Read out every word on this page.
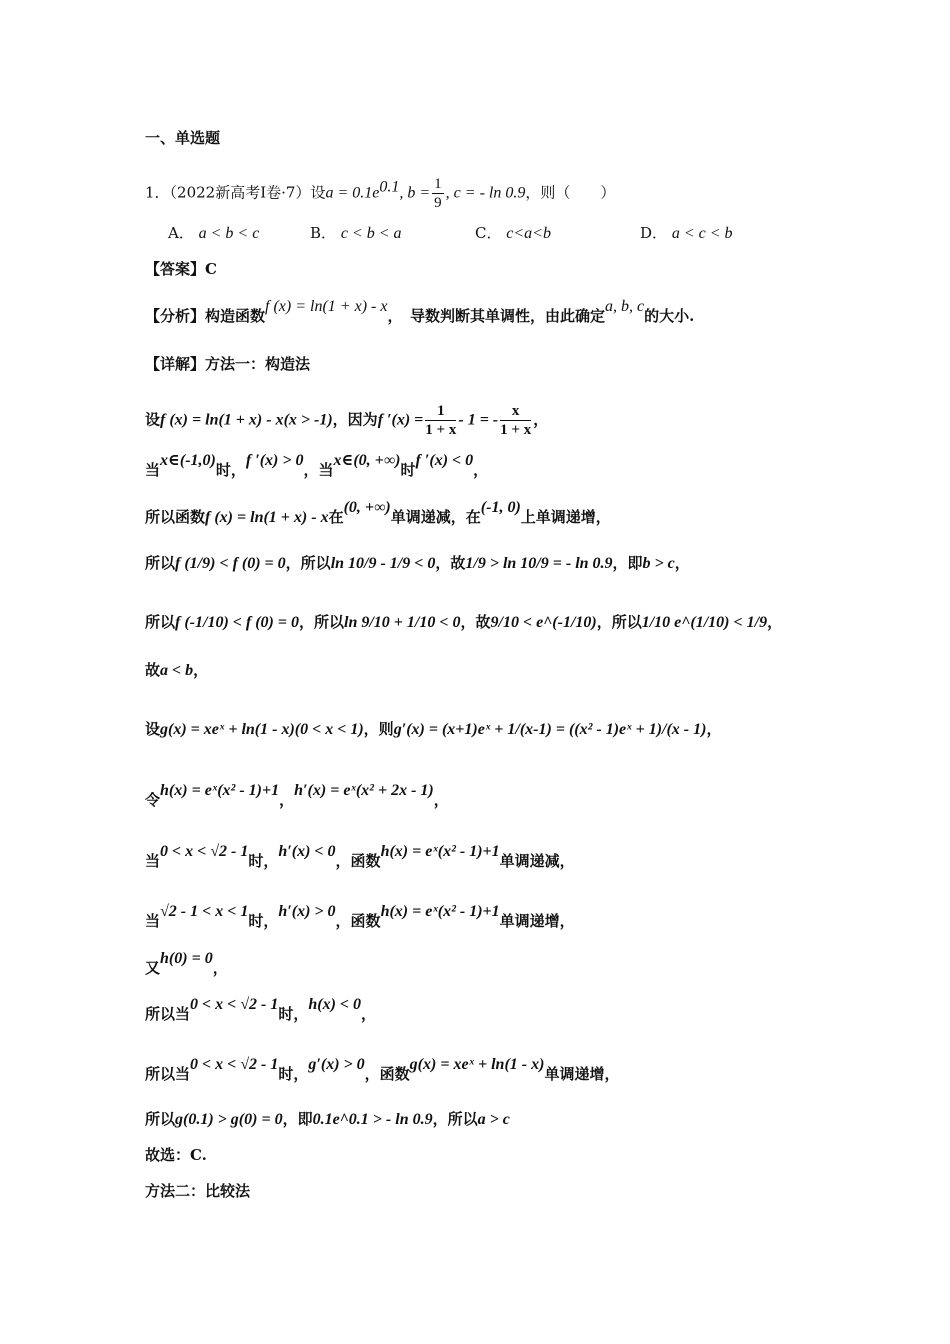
一、单选题
1．（2022新高考Ⅰ卷·7）设$a = 0.1e^{0.1}$, $b = \frac{1}{9}$ , c = - ln 0.9，则（　　）
A． a < b < c	B． c < b < a	C． c<a<b	D． a < c < b
【答案】C
【分析】构造函数f (x) = ln(1 + x) - x，　导数判断其单调性，由此确定a, b, c的大小.
【详解】方法一：构造法
设f (x) = ln(1 + x) - x(x > -1)，因为f $'(x) = \frac{1}{1 + x} - 1$ = - $\frac{x}{1 + x}$ ，
当x∈(-1,0)时，f ′(x) > 0，当x∈(0, +∞)时f ′(x) < 0，
所以函数f (x) = ln(1 + x) - x在(0, +∞)单调递减，在(-1, 0)上单调递增，
所以f (1/9) < f (0) = 0，所以ln 10/9 - 1/9 < 0，故1/9 > ln 10/9 = - ln 0.9，即b > c，
所以f (-1/10) < f (0) = 0，所以ln 9/10 + 1/10 < 0，故9/10 < e^(-1/10)，所以1/10 e^(1/10) < 1/9，
故a < b，
设g(x) = xeˣ + ln(1 - x)(0 < x < 1)，则g′(x) = (x+1)eˣ + 1/(x-1) = ((x² - 1)eˣ + 1)/(x - 1)，
令h(x) = eˣ(x² - 1)+1，h′(x) = eˣ(x² + 2x - 1)，
当0 < x < √2 - 1时，h′(x) < 0，函数h(x) = eˣ(x² - 1)+1单调递减，
当√2 - 1 < x < 1时，h′(x) > 0，函数h(x) = eˣ(x² - 1)+1单调递增，
又h(0) = 0，
所以当0 < x < √2 - 1时，h(x) < 0，
所以当0 < x < √2 - 1时，g′(x) > 0，函数g(x) = xeˣ + ln(1 - x)单调递增，
所以g(0.1) > g(0) = 0，即0.1e^0.1 > - ln 0.9，所以a > c
故选：C.
方法二：比较法
